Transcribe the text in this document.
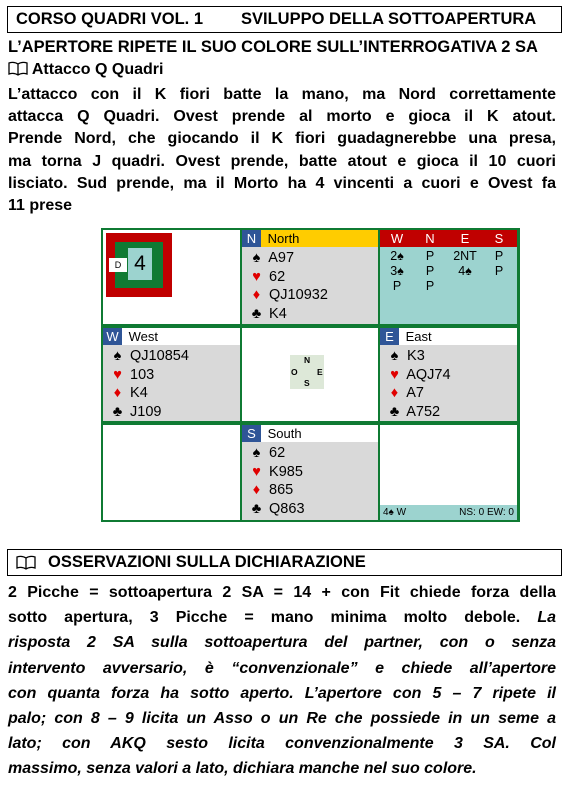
CORSO QUADRI VOL. 1 SVILUPPO DELLA SOTTOAPERTURA
L’APERTORE RIPETE IL SUO COLORE SULL’INTERROGATIVA 2 SA
Attacco Q Quadri
L’attacco con il K fiori batte la mano, ma Nord correttamente
attacca Q Quadri. Ovest prende al morto e gioca il K atout.
Prende Nord, che giocando il K fiori guadagnerebbe una presa,
ma torna J quadri. Ovest prende, batte atout e gioca il 10 cuori
lisciato. Sud prende, ma il Morto ha 4 vincenti a cuori e Ovest fa
11 prese
D 4
N North
♠ A97
♥ 62
♦ QJ10932
♣ K4
W	N	E	S
2♠	P	2NT	P
3♠	P	4♠	P
P	P
W West
♠ QJ10854
♥ 103
♦ K4
♣ J109
N
O E
S
E East
♠ K3
♥ AQJ74
♦ A7
♣ A752
S South
♠ 62
♥ K985
♦ 865
♣ Q863	4♠ W	NS: 0 EW: 0
OSSERVAZIONI SULLA DICHIARAZIONE
2 Picche = sottoapertura 2 SA = 14 + con Fit chiede forza della
sotto apertura, 3 Picche = mano minima molto debole. La
risposta 2 SA sulla sottoapertura del partner, con o senza
intervento avversario, è “convenzionale” e chiede all’apertore
con quanta forza ha sotto aperto. L’apertore con 5 – 7 ripete il
palo; con 8 – 9 licita un Asso o un Re che possiede in un seme a
lato; con AKQ sesto licita convenzionalmente 3 SA. Col
massimo, senza valori a lato, dichiara manche nel suo colore.
